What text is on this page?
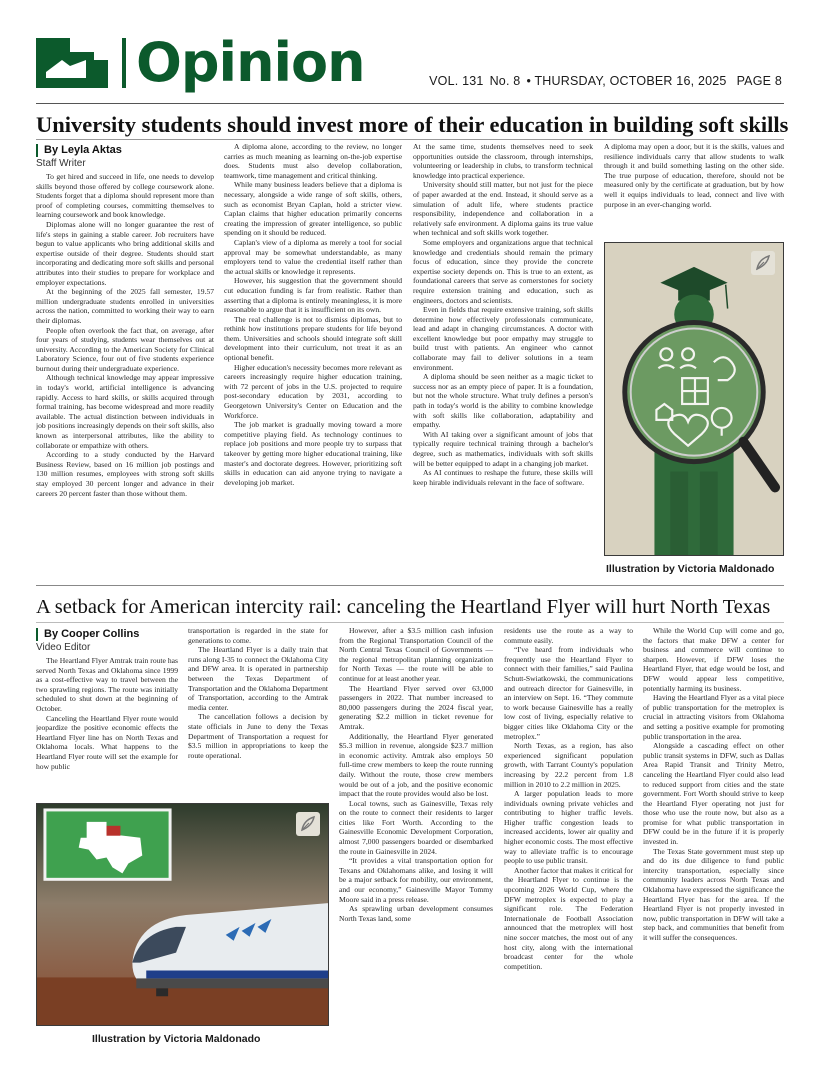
Opinion	VOL. 131 No. 8 • THURSDAY, OCTOBER 16, 2025 PAGE 8
University students should invest more of their education in building soft skills
By Leyla Aktas
Staff Writer

To get hired and succeed in life, one needs to develop skills beyond those offered by college coursework alone. Students forget that a diploma should represent more than proof of completing courses, committing themselves to learning coursework and book knowledge.

Diplomas alone will no longer guarantee the rest of life's steps in gaining a stable career. Job recruiters have begun to value applicants who bring additional skills and expertise outside of their degree. Students should start incorporating and dedicating more soft skills and personal attributes into their studies to prepare for workplace and employer expectations.

At the beginning of the 2025 fall semester, 19.57 million undergraduate students enrolled in universities across the nation, committed to working their way to earn their diplomas.

People often overlook the fact that, on average, after four years of studying, students wear themselves out at university. According to the American Society for Clinical Laboratory Science, four out of five students experience burnout during their undergraduate experience.

Although technical knowledge may appear impressive in today's world, artificial intelligence is advancing rapidly. Access to hard skills, or skills acquired through formal training, has become widespread and more readily available. The actual distinction between individuals in job positions increasingly depends on their soft skills, also known as interpersonal attributes, like the ability to collaborate or empathize with others.

According to a study conducted by the Harvard Business Review, based on 16 million job postings and 130 million resumes, employees with strong soft skills stay employed 30 percent longer and advance in their careers 20 percent faster than those without them.

A diploma alone, according to the review, no longer carries as much meaning as learning on-the-job expertise does. Students must also develop collaboration, teamwork, time management and critical thinking.

While many business leaders believe that a diploma is necessary, alongside a wide range of soft skills, others, such as economist Bryan Caplan, hold a stricter view. Caplan claims that higher education primarily concerns creating the impression of greater intelligence, so public spending on it should be reduced.

Caplan's view of a diploma as merely a tool for social approval may be somewhat understandable, as many employers tend to value the credential itself rather than the actual skills or knowledge it represents.

However, his suggestion that the government should cut education funding is far from realistic. Rather than asserting that a diploma is entirely meaningless, it is more reasonable to argue that it is insufficient on its own.

The real challenge is not to dismiss diplomas, but to rethink how institutions prepare students for life beyond them. Universities and schools should integrate soft skill development into their curriculum, not treat it as an optional benefit.

Higher education's necessity becomes more relevant as careers increasingly require higher education training, with 72 percent of jobs in the U.S. projected to require post-secondary education by 2031, according to Georgetown University's Center on Education and the Workforce.

The job market is gradually moving toward a more competitive playing field. As technology continues to replace job positions and more people try to surpass that takeover by getting more higher educational training, like master's and doctorate degrees. However, prioritizing soft skills in education can aid anyone trying to navigate a developing job market.

At the same time, students themselves need to seek opportunities outside the classroom, through internships, volunteering or leadership in clubs, to transform technical knowledge into practical experience.

University should still matter, but not just for the piece of paper awarded at the end. Instead, it should serve as a simulation of adult life, where students practice responsibility, independence and collaboration in a relatively safe environment. A diploma gains its true value when technical and soft skills work together.

Some employers and organizations argue that technical knowledge and credentials should remain the primary focus of education, since they provide the concrete expertise society depends on. This is true to an extent, as foundational careers that serve as cornerstones for society require extension training and education, such as engineers, doctors and scientists.

Even in fields that require extensive training, soft skills determine how effectively professionals communicate, lead and adapt in changing circumstances. A doctor with excellent knowledge but poor empathy may struggle to build trust with patients. An engineer who cannot collaborate may fail to deliver solutions in a team environment.

A diploma should be seen neither as a magic ticket to success nor as an empty piece of paper. It is a foundation, but not the whole structure. What truly defines a person's path in today's world is the ability to combine knowledge with soft skills like collaboration, adaptability and empathy.

With AI taking over a significant amount of jobs that typically require technical training through a bachelor's degree, such as mathematics, individuals with soft skills will be better equipped to adapt in a changing job market.

As AI continues to reshape the future, these skills will keep hirable individuals relevant in the face of software.

A diploma may open a door, but it is the skills, values and resilience individuals carry that allow students to walk through it and build something lasting on the other side. The true purpose of education, therefore, should not be measured only by the certificate at graduation, but by how well it equips individuals to lead, connect and live with purpose in an ever-changing world.

Illustration by Victoria Maldonado
A setback for American intercity rail: canceling the Heartland Flyer will hurt North Texas
By Cooper Collins
Video Editor

The Heartland Flyer Amtrak train route has served North Texas and Oklahoma since 1999 as a cost-effective way to travel between the two sprawling regions. The route was initially scheduled to shut down at the beginning of October.

Canceling the Heartland Flyer route would jeopardize the positive economic effects the Heartland Flyer line has on North Texas and Oklahoma locals. What happens to the Heartland Flyer route will set the example for how public

transportation is regarded in the state for generations to come.

The Heartland Flyer is a daily train that runs along I-35 to connect the Oklahoma City and DFW area. It is operated in partnership between the Texas Department of Transportation and the Oklahoma Department of Transportation, according to the Amtrak media center.

The cancellation follows a decision by state officials in June to deny the Texas Department of Transportation a request for $3.5 million in appropriations to keep the route operational.

However, after a $3.5 million cash infusion from the Regional Transportation Council of the North Central Texas Council of Governments — the regional metropolitan planning organization for North Texas — the route will be able to continue for at least another year.

The Heartland Flyer served over 63,000 passengers in 2022. That number increased to 80,000 passengers during the 2024 fiscal year, generating $2.2 million in ticket revenue for Amtrak.

Additionally, the Heartland Flyer generated $5.3 million in revenue, alongside $23.7 million in economic activity. Amtrak also employs 50 full-time crew members to keep the route running daily. Without the route, those crew members would be out of a job, and the positive economic impact that the route provides would also be lost.

Local towns, such as Gainesville, Texas rely on the route to connect their residents to larger cities like Fort Worth. According to the Gainesville Economic Development Corporation, almost 7,000 passengers boarded or disembarked the route in Gainesville in 2024.

“It provides a vital transportation option for Texans and Oklahomans alike, and losing it will be a major setback for mobility, our environment, and our economy,” Gainesville Mayor Tommy Moore said in a press release.

As sprawling urban development consumes North Texas land, some

residents use the route as a way to commute easily.

“I've heard from individuals who frequently use the Heartland Flyer to connect with their families,” said Paulina Schutt-Swiatkowski, the communications and outreach director for Gainesville, in an interview on Sept. 16. “They commute to work because Gainesville has a really low cost of living, especially relative to bigger cities like Oklahoma City or the metroplex.”

North Texas, as a region, has also experienced significant population growth, with Tarrant County's population increasing by 22.2 percent from 1.8 million in 2010 to 2.2 million in 2025.

A larger population leads to more individuals owning private vehicles and contributing to higher traffic levels. Higher traffic congestion leads to increased accidents, lower air quality and higher economic costs. The most effective way to alleviate traffic is to encourage people to use public transit.

Another factor that makes it critical for the Heartland Flyer to continue is the upcoming 2026 World Cup, where the DFW metroplex is expected to play a significant role. The Federation Internationale de Football Association announced that the metroplex will host nine soccer matches, the most out of any host city, along with the international broadcast center for the whole competition.

While the World Cup will come and go, the factors that make DFW a center for business and commerce will continue to sharpen. However, if DFW loses the Heartland Flyer, that edge would be lost, and DFW would appear less competitive, potentially harming its business.

Having the Heartland Flyer as a vital piece of public transportation for the metroplex is crucial in attracting visitors from Oklahoma and setting a positive example for promoting public transportation in the area.

Alongside a cascading effect on other public transit systems in DFW, such as Dallas Area Rapid Transit and Trinity Metro, canceling the Heartland Flyer could also lead to reduced support from cities and the state government. Fort Worth should strive to keep the Heartland Flyer operating not just for those who use the route now, but also as a promise for what public transportation in DFW could be in the future if it is properly invested in.

The Texas State government must step up and do its due diligence to fund public intercity transportation, especially since community leaders across North Texas and Oklahoma have expressed the significance the Heartland Flyer has for the area. If the Heartland Flyer is not properly invested in now, public transportation in DFW will take a step back, and communities that benefit from it will suffer the consequences.

Illustration by Victoria Maldonado
